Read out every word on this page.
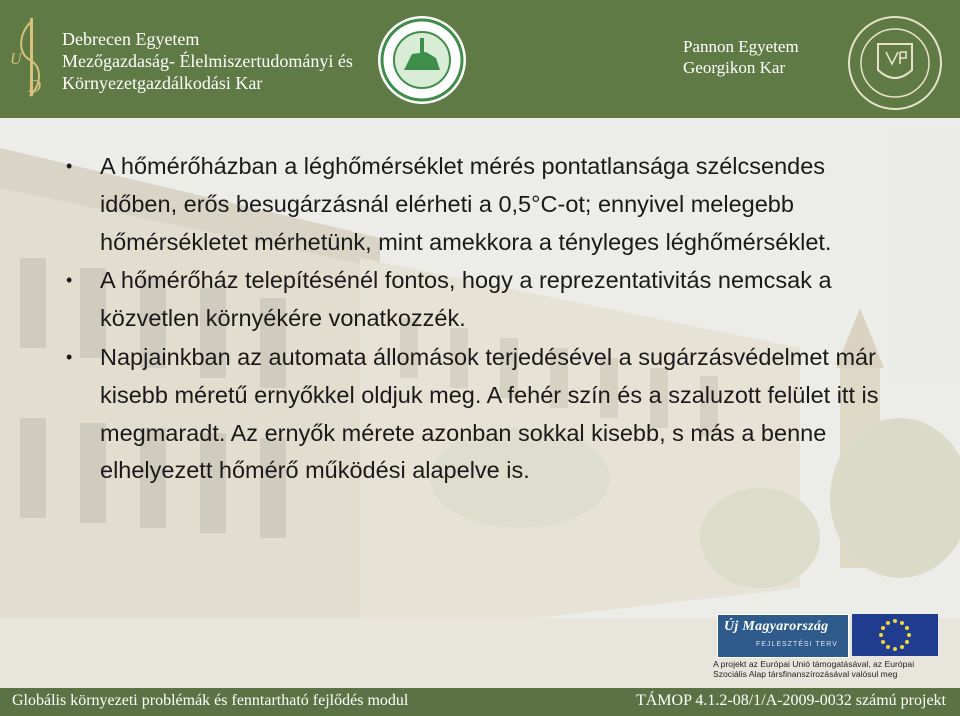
U
D
Debrecen Egyetem
Mezőgazdaság- Élelmiszertudományi és
Környezetgazdálkodási Kar
Pannon Egyetem
Georgikon Kar
• A hőmérőházban a léghőmérséklet mérés pontatlansága szélcsendes időben, erős besugárzásnál elérheti a 0,5°C-ot; ennyivel melegebb hőmérsékletet mérhetünk, mint amekkora a tényleges léghőmérséklet.
• A hőmérőház telepítésénél fontos, hogy a reprezentativitás nemcsak a közvetlen környékére vonatkozzék.
• Napjainkban az automata állomások terjedésével a sugárzásvédelmet már kisebb méretű ernyőkkel oldjuk meg. A fehér szín és a szaluzott felület itt is megmaradt. Az ernyők mérete azonban sokkal kisebb, s más a benne elhelyezett hőmérő működési alapelve is.
Új Magyarország
FEJLESZTÉSI TERV
A projekt az Európai Unió támogatásával, az Európai
Szociális Alap társfinanszírozásával valósul meg
Globális környezeti problémák és fenntartható fejlődés modul	TÁMOP 4.1.2-08/1/A-2009-0032 számú projekt
